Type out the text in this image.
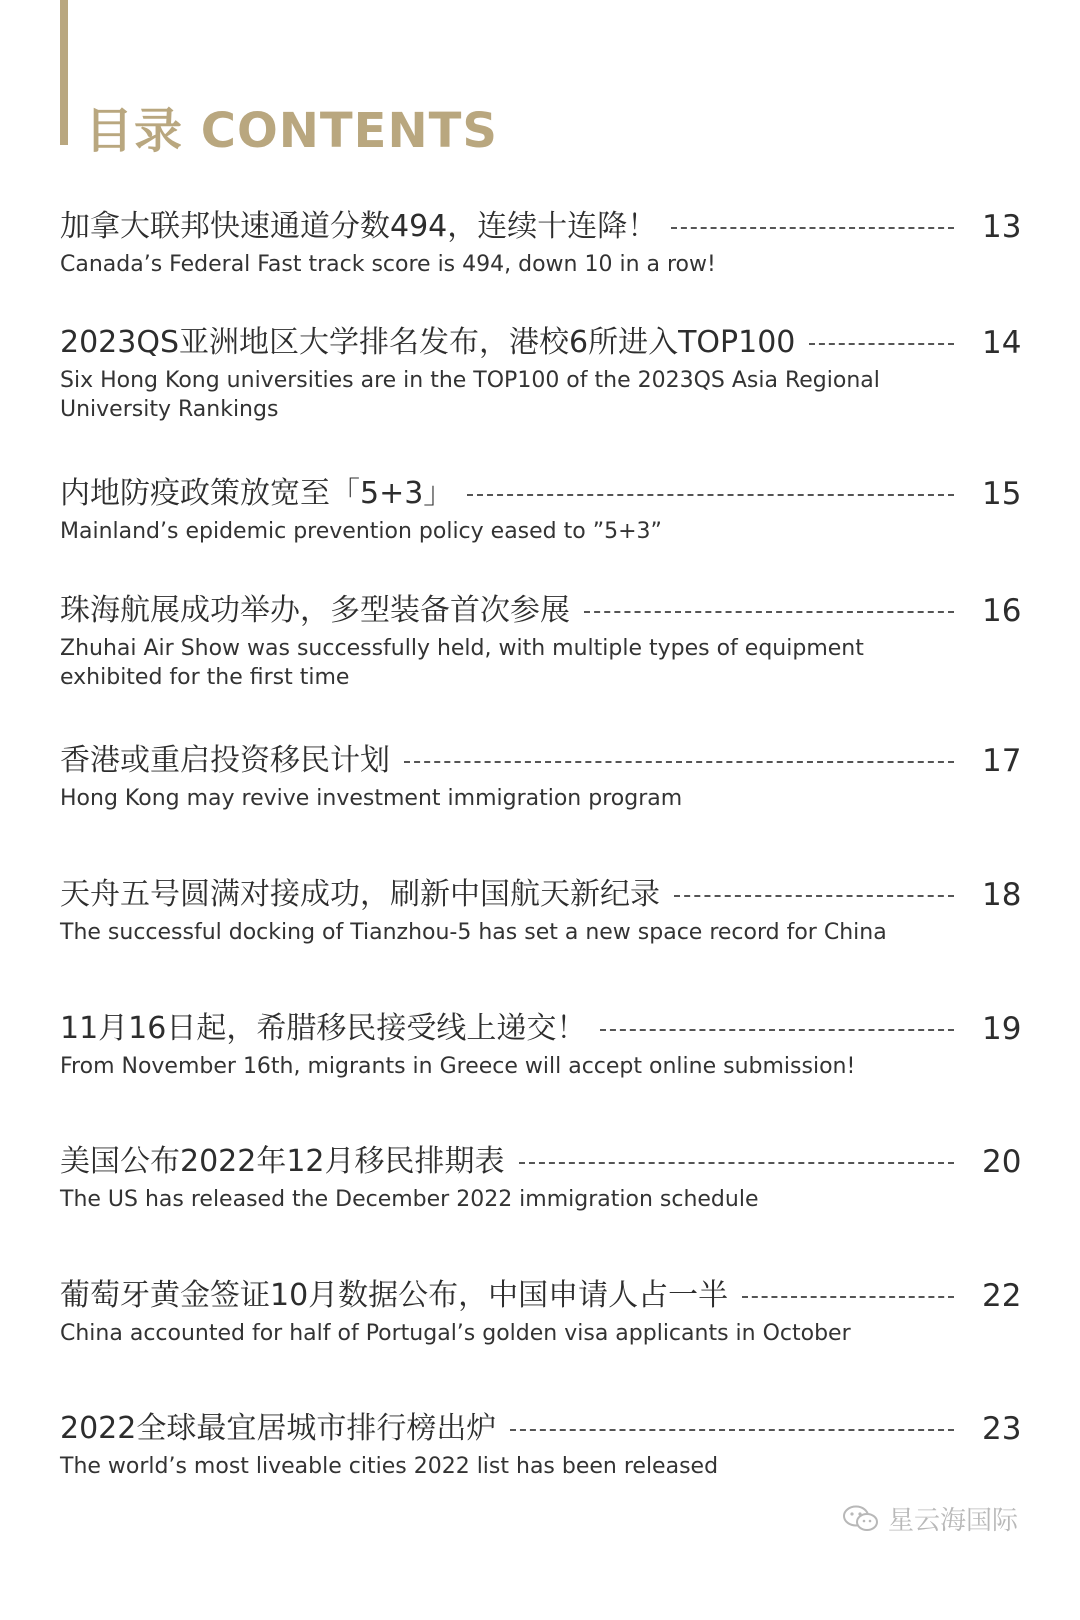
目录 CONTENTS
加拿大联邦快速通道分数494，连续十连降！	13
Canada’s Federal Fast track score is 494, down 10 in a row!
2023QS亚洲地区大学排名发布，港校6所进入TOP100	14
Six Hong Kong universities are in the TOP100 of the 2023QS Asia Regional University Rankings
内地防疫政策放宽至「5+3」	15
Mainland’s epidemic prevention policy eased to ”5+3”
珠海航展成功举办，多型装备首次参展	16
Zhuhai Air Show was successfully held, with multiple types of equipment exhibited for the first time
香港或重启投资移民计划	17
Hong Kong may revive investment immigration program
天舟五号圆满对接成功，刷新中国航天新纪录	18
The successful docking of Tianzhou-5 has set a new space record for China
11月16日起，希腊移民接受线上递交！	19
From November 16th, migrants in Greece will accept online submission!
美国公布2022年12月移民排期表	20
The US has released the December 2022 immigration schedule
葡萄牙黄金签证10月数据公布，中国申请人占一半	22
China accounted for half of Portugal’s golden visa applicants in October
2022全球最宜居城市排行榜出炉	23
The world’s most liveable cities 2022 list has been released
星云海国际
